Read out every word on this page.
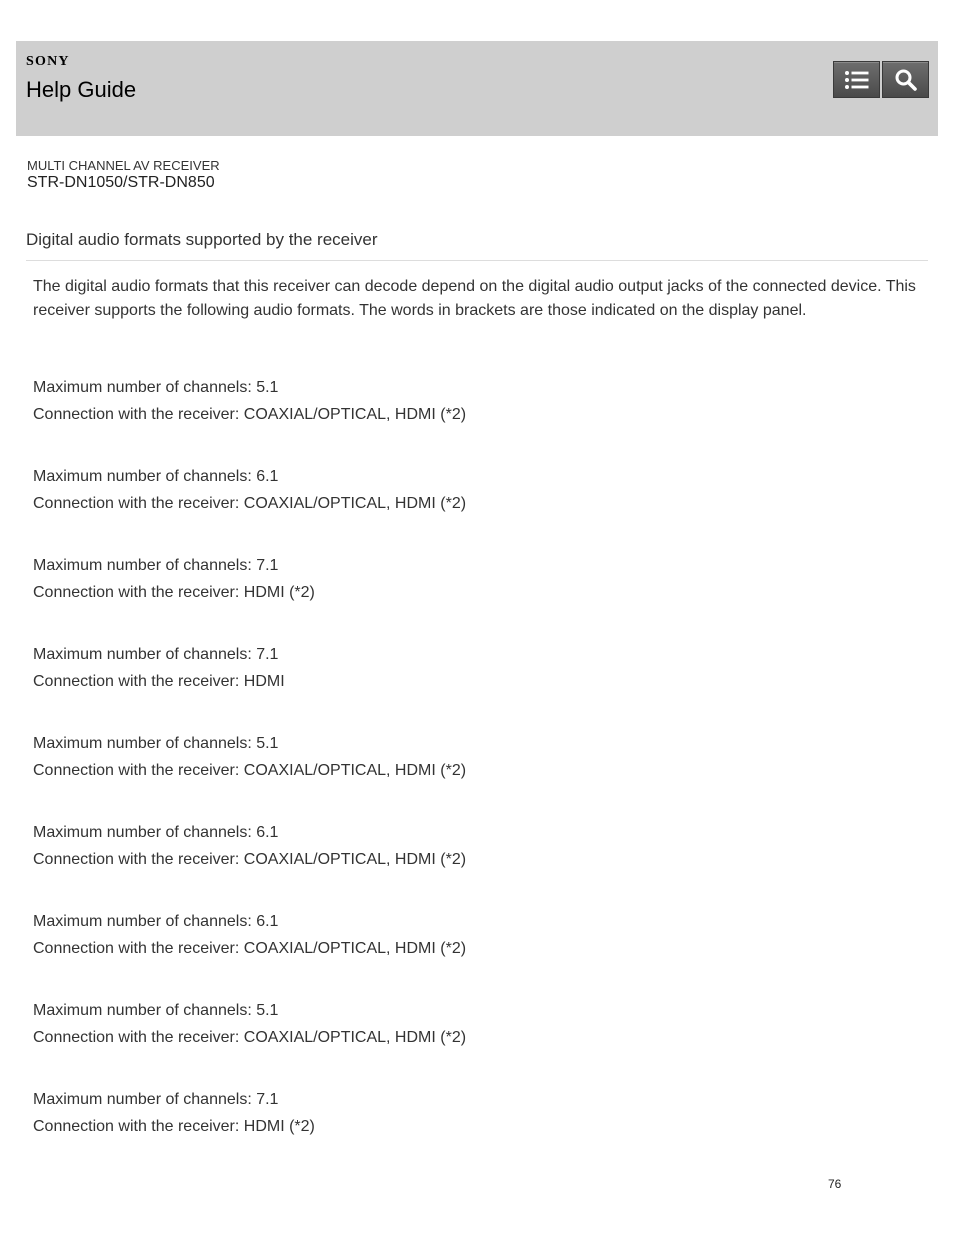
SONY
Help Guide
MULTI CHANNEL AV RECEIVER
STR-DN1050/STR-DN850
Digital audio formats supported by the receiver

The digital audio formats that this receiver can decode depend on the digital audio output jacks of the connected device. This receiver supports the following audio formats. The words in brackets are those indicated on the display panel.

Maximum number of channels: 5.1

Connection with the receiver: COAXIAL/OPTICAL, HDMI (*2)

Maximum number of channels: 6.1

Connection with the receiver: COAXIAL/OPTICAL, HDMI (*2)

Maximum number of channels: 7.1

Connection with the receiver: HDMI (*2)

Maximum number of channels: 7.1

Connection with the receiver: HDMI

Maximum number of channels: 5.1

Connection with the receiver: COAXIAL/OPTICAL, HDMI (*2)

Maximum number of channels: 6.1

Connection with the receiver: COAXIAL/OPTICAL, HDMI (*2)

Maximum number of channels: 6.1

Connection with the receiver: COAXIAL/OPTICAL, HDMI (*2)

Maximum number of channels: 5.1

Connection with the receiver: COAXIAL/OPTICAL, HDMI (*2)

Maximum number of channels: 7.1

Connection with the receiver: HDMI (*2)

76
